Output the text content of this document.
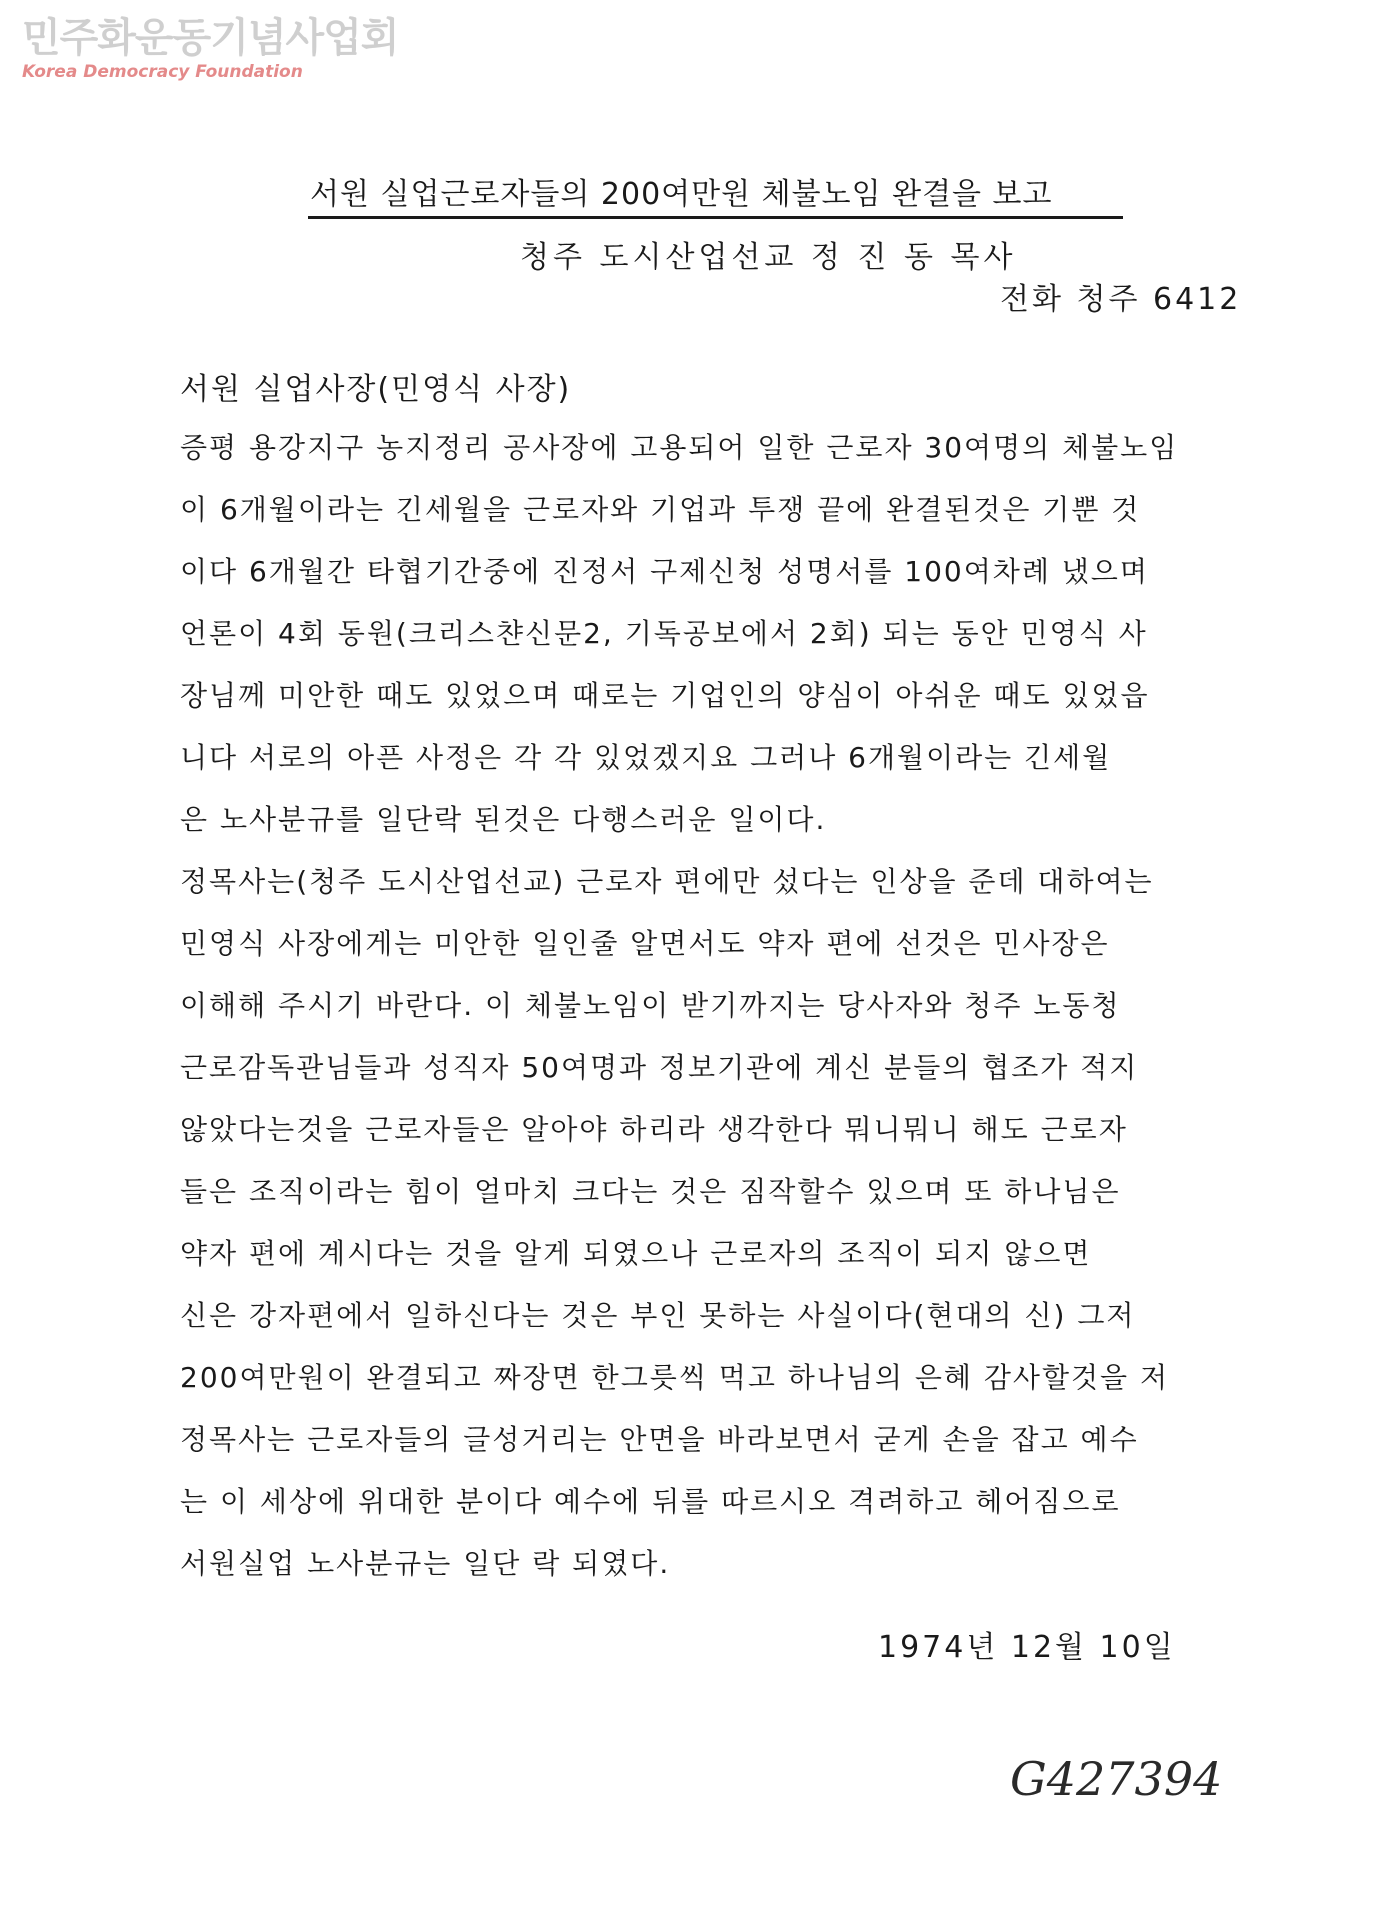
민주화운동기념사업회
Korea Democracy Foundation
서원 실업근로자들의 200여만원 체불노임 완결을 보고
청주 도시산업선교 정 진 동 목사
전화 청주 6412
서원 실업사장(민영식 사장)
증평 용강지구 농지정리 공사장에 고용되어 일한 근로자 30여명의 체불노임
이 6개월이라는 긴세월을 근로자와 기업과 투쟁 끝에 완결된것은 기뿐 것
이다 6개월간 타협기간중에 진정서 구제신청 성명서를 100여차례 냈으며
언론이 4회 동원(크리스챤신문2, 기독공보에서 2회) 되는 동안 민영식 사
장님께 미안한 때도 있었으며 때로는 기업인의 양심이 아쉬운 때도 있었읍
니다 서로의 아픈 사정은 각 각 있었겠지요 그러나 6개월이라는 긴세월
은 노사분규를 일단락 된것은 다행스러운 일이다.
정목사는(청주 도시산업선교) 근로자 편에만 섰다는 인상을 준데 대하여는
민영식 사장에게는 미안한 일인줄 알면서도 약자 편에 선것은 민사장은
이해해 주시기 바란다. 이 체불노임이 받기까지는 당사자와 청주 노동청
근로감독관님들과 성직자 50여명과 정보기관에 계신 분들의 협조가 적지
않았다는것을 근로자들은 알아야 하리라 생각한다 뭐니뭐니 해도 근로자
들은 조직이라는 힘이 얼마치 크다는 것은 짐작할수 있으며 또 하나님은
약자 편에 계시다는 것을 알게 되였으나 근로자의 조직이 되지 않으면
신은 강자편에서 일하신다는 것은 부인 못하는 사실이다(현대의 신) 그저
200여만원이 완결되고 짜장면 한그릇씩 먹고 하나님의 은혜 감사할것을 저
정목사는 근로자들의 글성거리는 안면을 바라보면서 굳게 손을 잡고 예수
는 이 세상에 위대한 분이다 예수에 뒤를 따르시오 격려하고 헤어짐으로
서원실업 노사분규는 일단 락 되였다.
1974년 12월 10일
G427394
